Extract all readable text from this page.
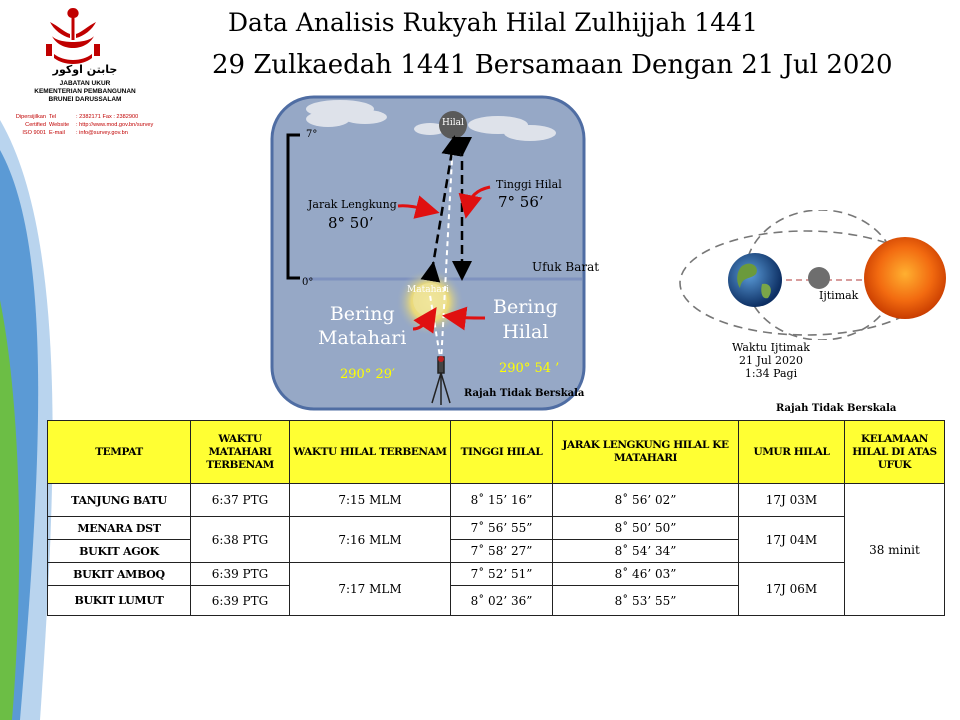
جابتن اوكور
JABATAN UKUR
KEMENTERIAN PEMBANGUNAN
BRUNEI DARUSSALAM
Dipersijilkan Tel	: 2382171 Fax : 2382900
Certified Website : http://www.mod.gov.bn/survey
ISO 9001 E-mail : info@survey.gov.bn
Data Analisis Rukyah Hilal Zulhijjah 1441
29 Zulkaedah 1441 Bersamaan Dengan 21 Jul 2020
Hilal
7°
0°
Jarak Lengkung
8° 50’
Tinggi Hilal
7° 56’
Ufuk Barat
Matahari
Bering
Matahari
290° 29′
Bering
Hilal
290° 54 ’
Rajah Tidak Berskala
Ijtimak
Waktu Ijtimak
21 Jul 2020
1:34 Pagi
Rajah Tidak Berskala
TEMPAT	WAKTU MATAHARI TERBENAM	WAKTU HILAL TERBENAM	TINGGI HILAL	JARAK LENGKUNG HILAL KE MATAHARI	UMUR HILAL	KELAMAAN HILAL DI ATAS UFUK
TANJUNG BATU	6:37 PTG	7:15 MLM	8˚ 15’ 16”	8˚ 56’ 02”	17J 03M	38 minit
MENARA DST	6:38 PTG	7:16 MLM	7˚ 56’ 55”	8˚ 50’ 50”	17J 04M	
BUKIT AGOK			7˚ 58’ 27”	8˚ 54’ 34”		
BUKIT AMBOQ	6:39 PTG	7:17 MLM	7˚ 52’ 51”	8˚ 46’ 03”	17J 06M	
BUKIT LUMUT	6:39 PTG		8˚ 02’ 36”	8˚ 53’ 55”		
